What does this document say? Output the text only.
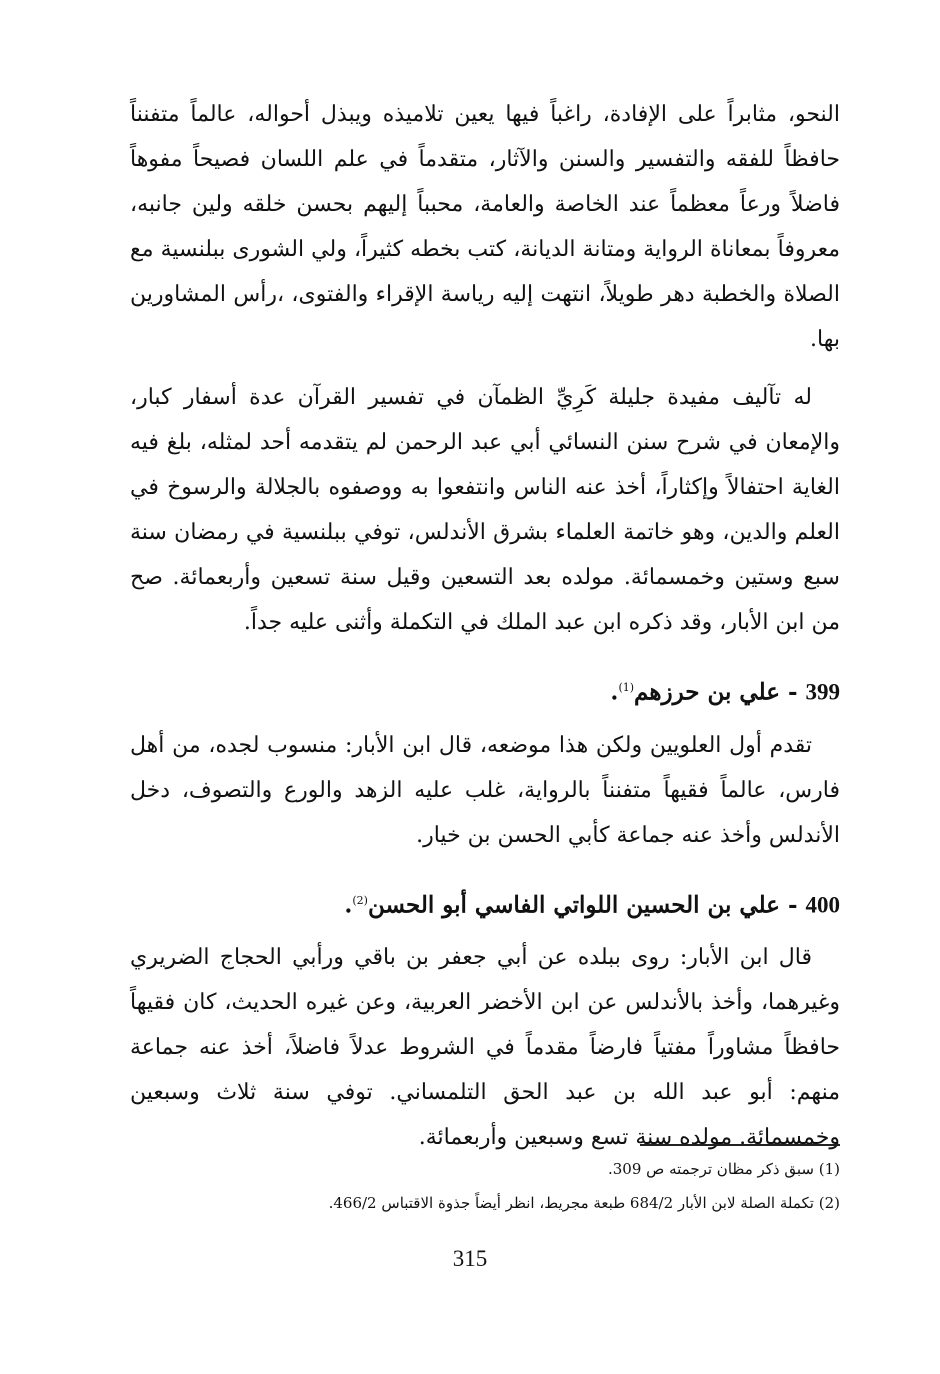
النحو، مثابراً على الإفادة، راغباً فيها يعين تلاميذه ويبذل أحواله، عالماً متفنناً حافظاً للفقه والتفسير والسنن والآثار، متقدماً في علم اللسان فصيحاً مفوهاً فاضلاً ورعاً معظماً عند الخاصة والعامة، محبباً إليهم بحسن خلقه ولين جانبه، معروفاً بمعاناة الرواية ومتانة الديانة، كتب بخطه كثيراً، ولي الشورى ببلنسية مع الصلاة والخطبة دهر طويلاً، انتهت إليه رياسة الإقراء والفتوى، ،رأس المشاورين بها.

له تآليف مفيدة جليلة كَرِيِّ الظمآن في تفسير القرآن عدة أسفار كبار، والإمعان في شرح سنن النسائي أبي عبد الرحمن لم يتقدمه أحد لمثله، بلغ فيه الغاية احتفالاً وإكثاراً، أخذ عنه الناس وانتفعوا به ووصفوه بالجلالة والرسوخ في العلم والدين، وهو خاتمة العلماء بشرق الأندلس، توفي ببلنسية في رمضان سنة سبع وستين وخمسمائة. مولده بعد التسعين وقيل سنة تسعين وأربعمائة. صح من ابن الأبار، وقد ذكره ابن عبد الملك في التكملة وأثنى عليه جداً.

399 - علي بن حرزهم$^{(1)}$.

تقدم أول العلويين ولكن هذا موضعه، قال ابن الأبار: منسوب لجده، من أهل فارس، عالماً فقيهاً متفنناً بالرواية، غلب عليه الزهد والورع والتصوف، دخل الأندلس وأخذ عنه جماعة كأبي الحسن بن خيار.

400 - علي بن الحسين اللواتي الفاسي أبو الحسن$^{(2)}$.

قال ابن الأبار: روى ببلده عن أبي جعفر بن باقي ورأبي الحجاج الضريري وغيرهما، وأخذ بالأندلس عن ابن الأخضر العربية، وعن غيره الحديث، كان فقيهاً حافظاً مشاوراً مفتياً فارضاً مقدماً في الشروط عدلاً فاضلاً، أخذ عنه جماعة منهم: أبو عبد الله بن عبد الحق التلمساني. توفي سنة ثلاث وسبعين وخمسمائة. مولده سنة تسع وسبعين وأربعمائة.

(1) سبق ذكر مظان ترجمته ص 309.
(2) تكملة الصلة لابن الأبار 684/2 طبعة مجريط، انظر أيضاً جذوة الاقتباس 466/2.
315
